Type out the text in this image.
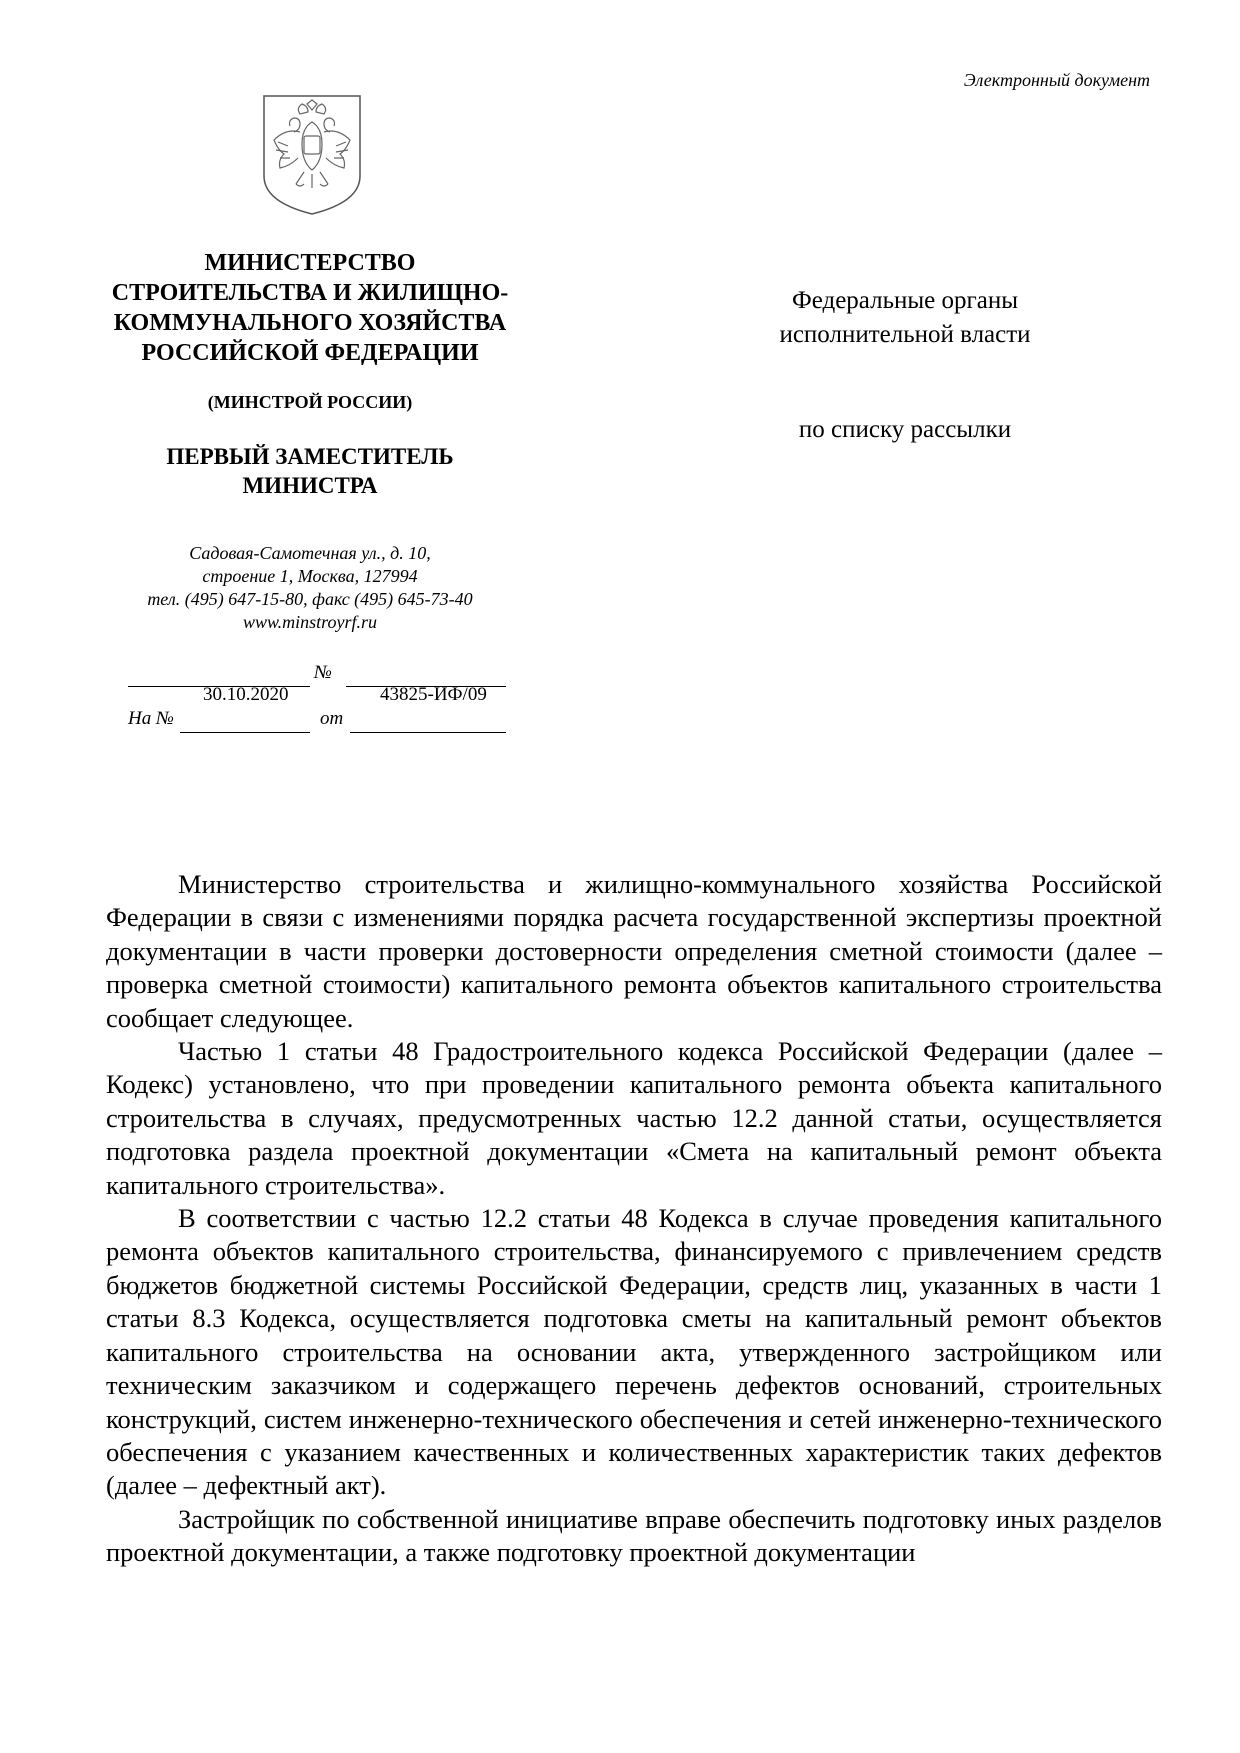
Электронный документ
МИНИСТЕРСТВО
СТРОИТЕЛЬСТВА И ЖИЛИЩНО-
КОММУНАЛЬНОГО ХОЗЯЙСТВА
РОССИЙСКОЙ ФЕДЕРАЦИИ
(МИНСТРОЙ РОССИИ)
ПЕРВЫЙ ЗАМЕСТИТЕЛЬ
МИНИСТРА
Садовая-Самотечная ул., д. 10,
строение 1, Москва, 127994
тел. (495) 647-15-80, факс (495) 645-73-40
www.minstroyrf.ru
№
30.10.2020	43825-ИФ/09
На №	от
Федеральные органы
исполнительной власти
по списку рассылки

Министерство строительства и жилищно-коммунального хозяйства Российской Федерации в связи с изменениями порядка расчета государственной экспертизы проектной документации в части проверки достоверности определения сметной стоимости (далее – проверка сметной стоимости) капитального ремонта объектов капитального строительства сообщает следующее.

Частью 1 статьи 48 Градостроительного кодекса Российской Федерации (далее – Кодекс) установлено, что при проведении капитального ремонта объекта капитального строительства в случаях, предусмотренных частью 12.2 данной статьи, осуществляется подготовка раздела проектной документации «Смета на капитальный ремонт объекта капитального строительства».

В соответствии с частью 12.2 статьи 48 Кодекса в случае проведения капитального ремонта объектов капитального строительства, финансируемого с привлечением средств бюджетов бюджетной системы Российской Федерации, средств лиц, указанных в части 1 статьи 8.3 Кодекса, осуществляется подготовка сметы на капитальный ремонт объектов капитального строительства на основании акта, утвержденного застройщиком или техническим заказчиком и содержащего перечень дефектов оснований, строительных конструкций, систем инженерно-технического обеспечения и сетей инженерно-технического обеспечения с указанием качественных и количественных характеристик таких дефектов (далее – дефектный акт).

Застройщик по собственной инициативе вправе обеспечить подготовку иных разделов проектной документации, а также подготовку проектной документации
